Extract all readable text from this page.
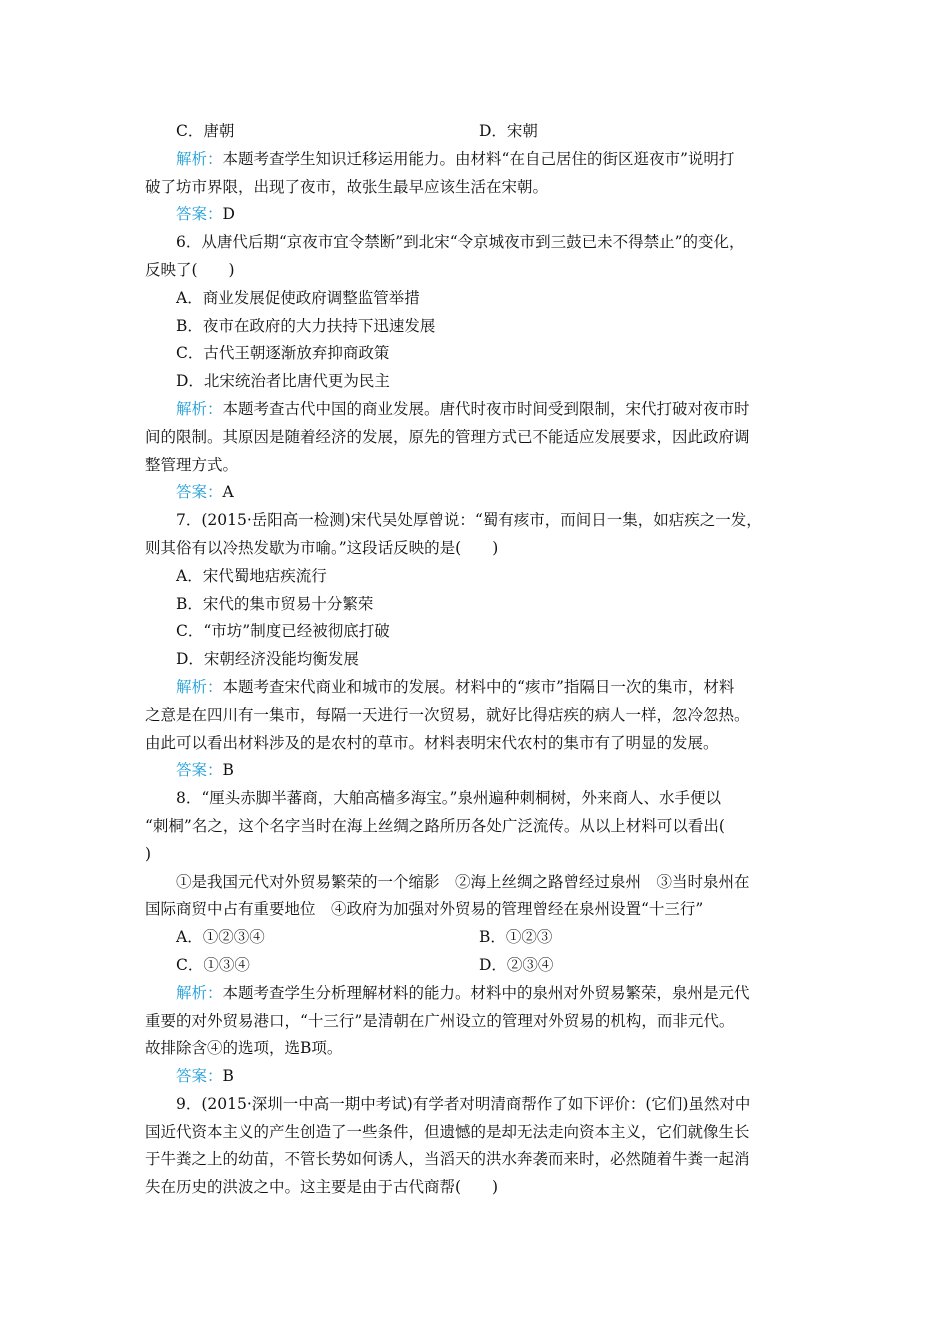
C．唐朝	D．宋朝
解析：本题考查学生知识迁移运用能力。由材料“在自己居住的街区逛夜市”说明打
破了坊市界限，出现了夜市，故张生最早应该生活在宋朝。
答案：D
6．从唐代后期“京夜市宜令禁断”到北宋“令京城夜市到三鼓已未不得禁止”的变化，
反映了(　　)
A．商业发展促使政府调整监管举措
B．夜市在政府的大力扶持下迅速发展
C．古代王朝逐渐放弃抑商政策
D．北宋统治者比唐代更为民主
解析：本题考查古代中国的商业发展。唐代时夜市时间受到限制，宋代打破对夜市时
间的限制。其原因是随着经济的发展，原先的管理方式已不能适应发展要求，因此政府调
整管理方式。
答案：A
7．(2015·岳阳高一检测)宋代吴处厚曾说：“蜀有痎市，而间日一集，如痁疾之一发，
则其俗有以冷热发歇为市喻。”这段话反映的是(　　)
A．宋代蜀地痁疾流行
B．宋代的集市贸易十分繁荣
C．“市坊”制度已经被彻底打破
D．宋朝经济没能均衡发展
解析：本题考查宋代商业和城市的发展。材料中的“痎市”指隔日一次的集市，材料
之意是在四川有一集市，每隔一天进行一次贸易，就好比得痁疾的病人一样，忽冷忽热。
由此可以看出材料涉及的是农村的草市。材料表明宋代农村的集市有了明显的发展。
答案：B
8．“厘头赤脚半蕃商，大舶高樯多海宝。”泉州遍种刺桐树，外来商人、水手便以
“刺桐”名之，这个名字当时在海上丝绸之路所历各处广泛流传。从以上材料可以看出(
)
①是我国元代对外贸易繁荣的一个缩影　②海上丝绸之路曾经过泉州　③当时泉州在
国际商贸中占有重要地位　④政府为加强对外贸易的管理曾经在泉州设置“十三行”
A．①②③④	B．①②③
C．①③④	D．②③④
解析：本题考查学生分析理解材料的能力。材料中的泉州对外贸易繁荣，泉州是元代
重要的对外贸易港口，“十三行”是清朝在广州设立的管理对外贸易的机构，而非元代。
故排除含④的选项，选B项。
答案：B
9．(2015·深圳一中高一期中考试)有学者对明清商帮作了如下评价：(它们)虽然对中
国近代资本主义的产生创造了一些条件，但遗憾的是却无法走向资本主义，它们就像生长
于牛粪之上的幼苗，不管长势如何诱人，当滔天的洪水奔袭而来时，必然随着牛粪一起消
失在历史的洪波之中。这主要是由于古代商帮(　　)
